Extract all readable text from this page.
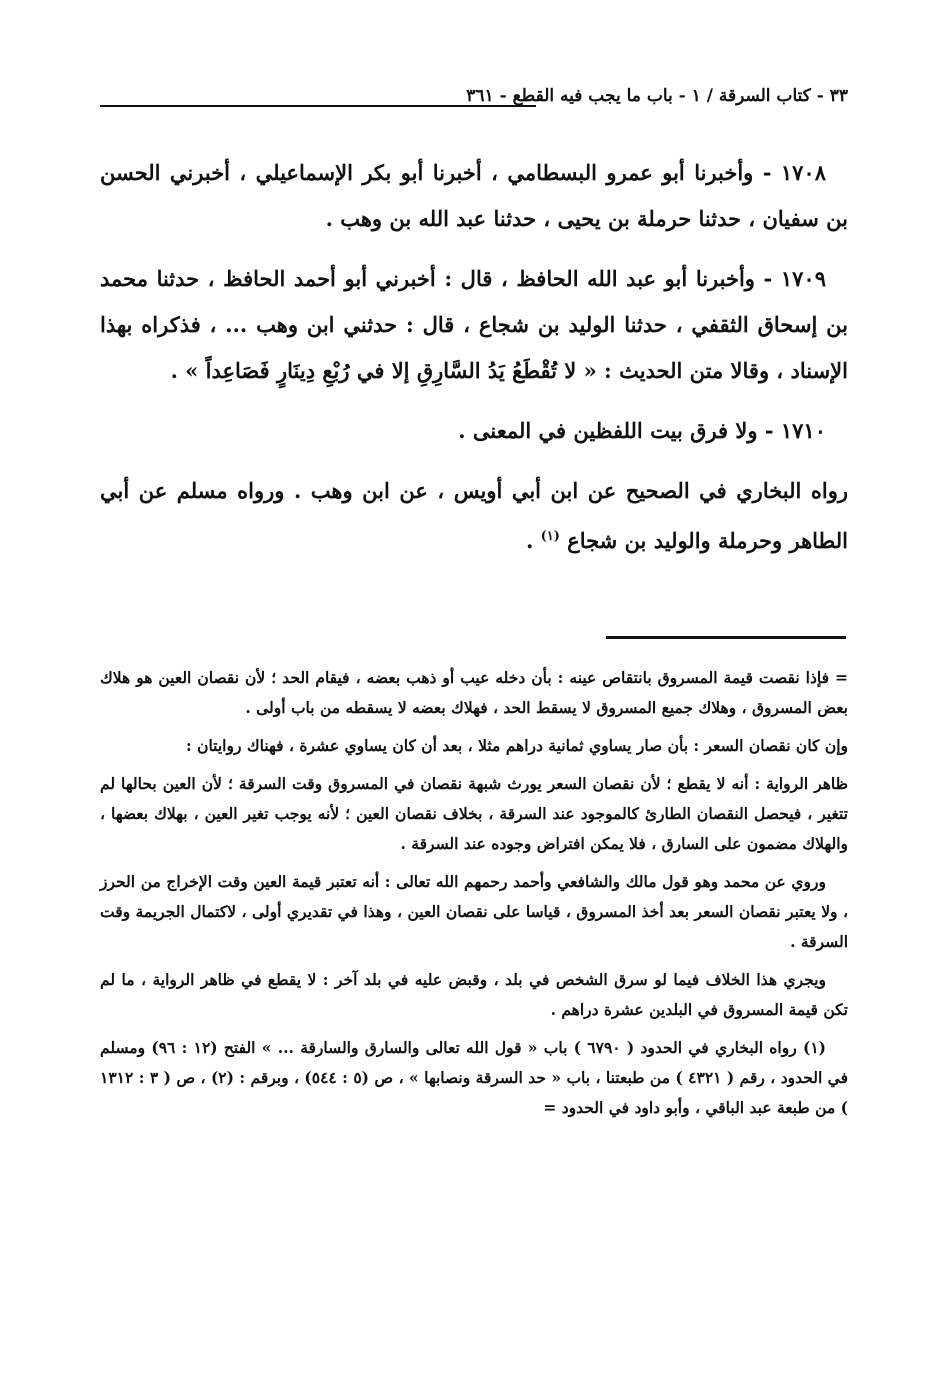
٣٣ - كتاب السرقة / ١ - باب ما يجب فيه القطع - ٣٦١

١٧٠٨ - وأخبرنا أبو عمرو البسطامي ، أخبرنا أبو بكر الإسماعيلي ، أخبرني الحسن بن سفيان ، حدثنا حرملة بن يحيى ، حدثنا عبد الله بن وهب .

١٧٠٩ - وأخبرنا أبو عبد الله الحافظ ، قال : أخبرني أبو أحمد الحافظ ، حدثنا محمد بن إسحاق الثقفي ، حدثنا الوليد بن شجاع ، قال : حدثني ابن وهب ... ، فذكراه بهذا الإسناد ، وقالا متن الحديث : « لا تُقْطَعُ يَدُ السَّارِقِ إلا في رُبْعِ دِينَارٍ فَصَاعِداً » .

١٧١٠ - ولا فرق بيت اللفظين في المعنى .

رواه البخاري في الصحيح عن ابن أبي أويس ، عن ابن وهب . ورواه مسلم عن أبي الطاهر وحرملة والوليد بن شجاع $^{(١)}$ .

= فإذا نقصت قيمة المسروق بانتقاص عينه : بأن دخله عيب أو ذهب بعضه ، فيقام الحد ؛ لأن نقصان العين هو هلاك بعض المسروق ، وهلاك جميع المسروق لا يسقط الحد ، فهلاك بعضه لا يسقطه من باب أولى .

وإن كان نقصان السعر : بأن صار يساوي ثمانية دراهم مثلا ، بعد أن كان يساوي عشرة ، فهناك روايتان :

ظاهر الرواية : أنه لا يقطع ؛ لأن نقصان السعر يورث شبهة نقصان في المسروق وقت السرقة ؛ لأن العين بحالها لم تتغير ، فيحصل النقصان الطارئ كالموجود عند السرقة ، بخلاف نقصان العين ؛ لأنه يوجب تغير العين ، بهلاك بعضها ، والهلاك مضمون على السارق ، فلا يمكن افتراض وجوده عند السرقة .

وروي عن محمد وهو قول مالك والشافعي وأحمد رحمهم الله تعالى : أنه تعتبر قيمة العين وقت الإخراج من الحرز ، ولا يعتبر نقصان السعر بعد أخذ المسروق ، قياسا على نقصان العين ، وهذا في تقديري أولى ، لاكتمال الجريمة وقت السرقة .

ويجري هذا الخلاف فيما لو سرق الشخص في بلد ، وقبض عليه في بلد آخر : لا يقطع في ظاهر الرواية ، ما لم تكن قيمة المسروق في البلدين عشرة دراهم .

(١) رواه البخاري في الحدود ( ٦٧٩٠ ) باب « قول الله تعالى والسارق والسارقة ... » الفتح (١٢ : ٩٦) ومسلم في الحدود ، رقم ( ٤٣٢١ ) من طبعتنا ، باب « حد السرقة ونصابها » ، ص (٥ : ٥٤٤) ، وبرقم : (٢) ، ص ( ٣ : ١٣١٢ ) من طبعة عبد الباقي ، وأبو داود في الحدود =
